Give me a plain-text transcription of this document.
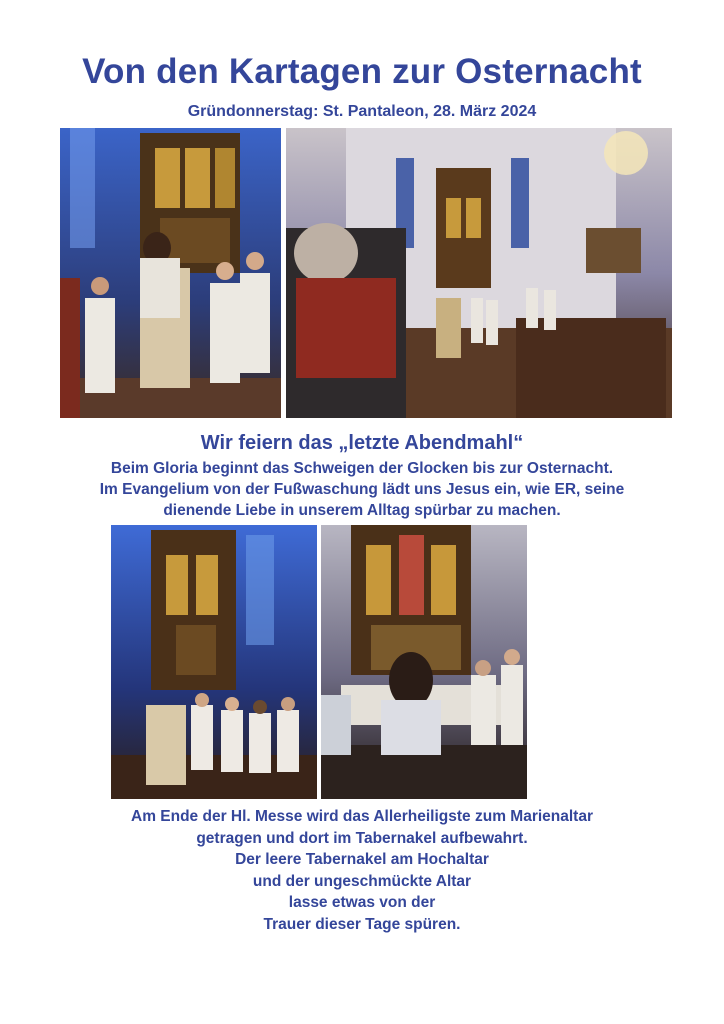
Von den Kartagen zur Osternacht
Gründonnerstag: St. Pantaleon, 28. März 2024
Wir feiern das „letzte Abendmahl“
Beim Gloria beginnt das Schweigen der Glocken bis zur Osternacht.
Im Evangelium von der Fußwaschung lädt uns Jesus ein, wie ER, seine
dienende Liebe in unserem Alltag spürbar zu machen.
Am Ende der Hl. Messe wird das Allerheiligste zum Marienaltar
getragen und dort im Tabernakel aufbewahrt.
Der leere Tabernakel am Hochaltar
und der ungeschmückte Altar
lasse etwas von der
Trauer dieser Tage spüren.
